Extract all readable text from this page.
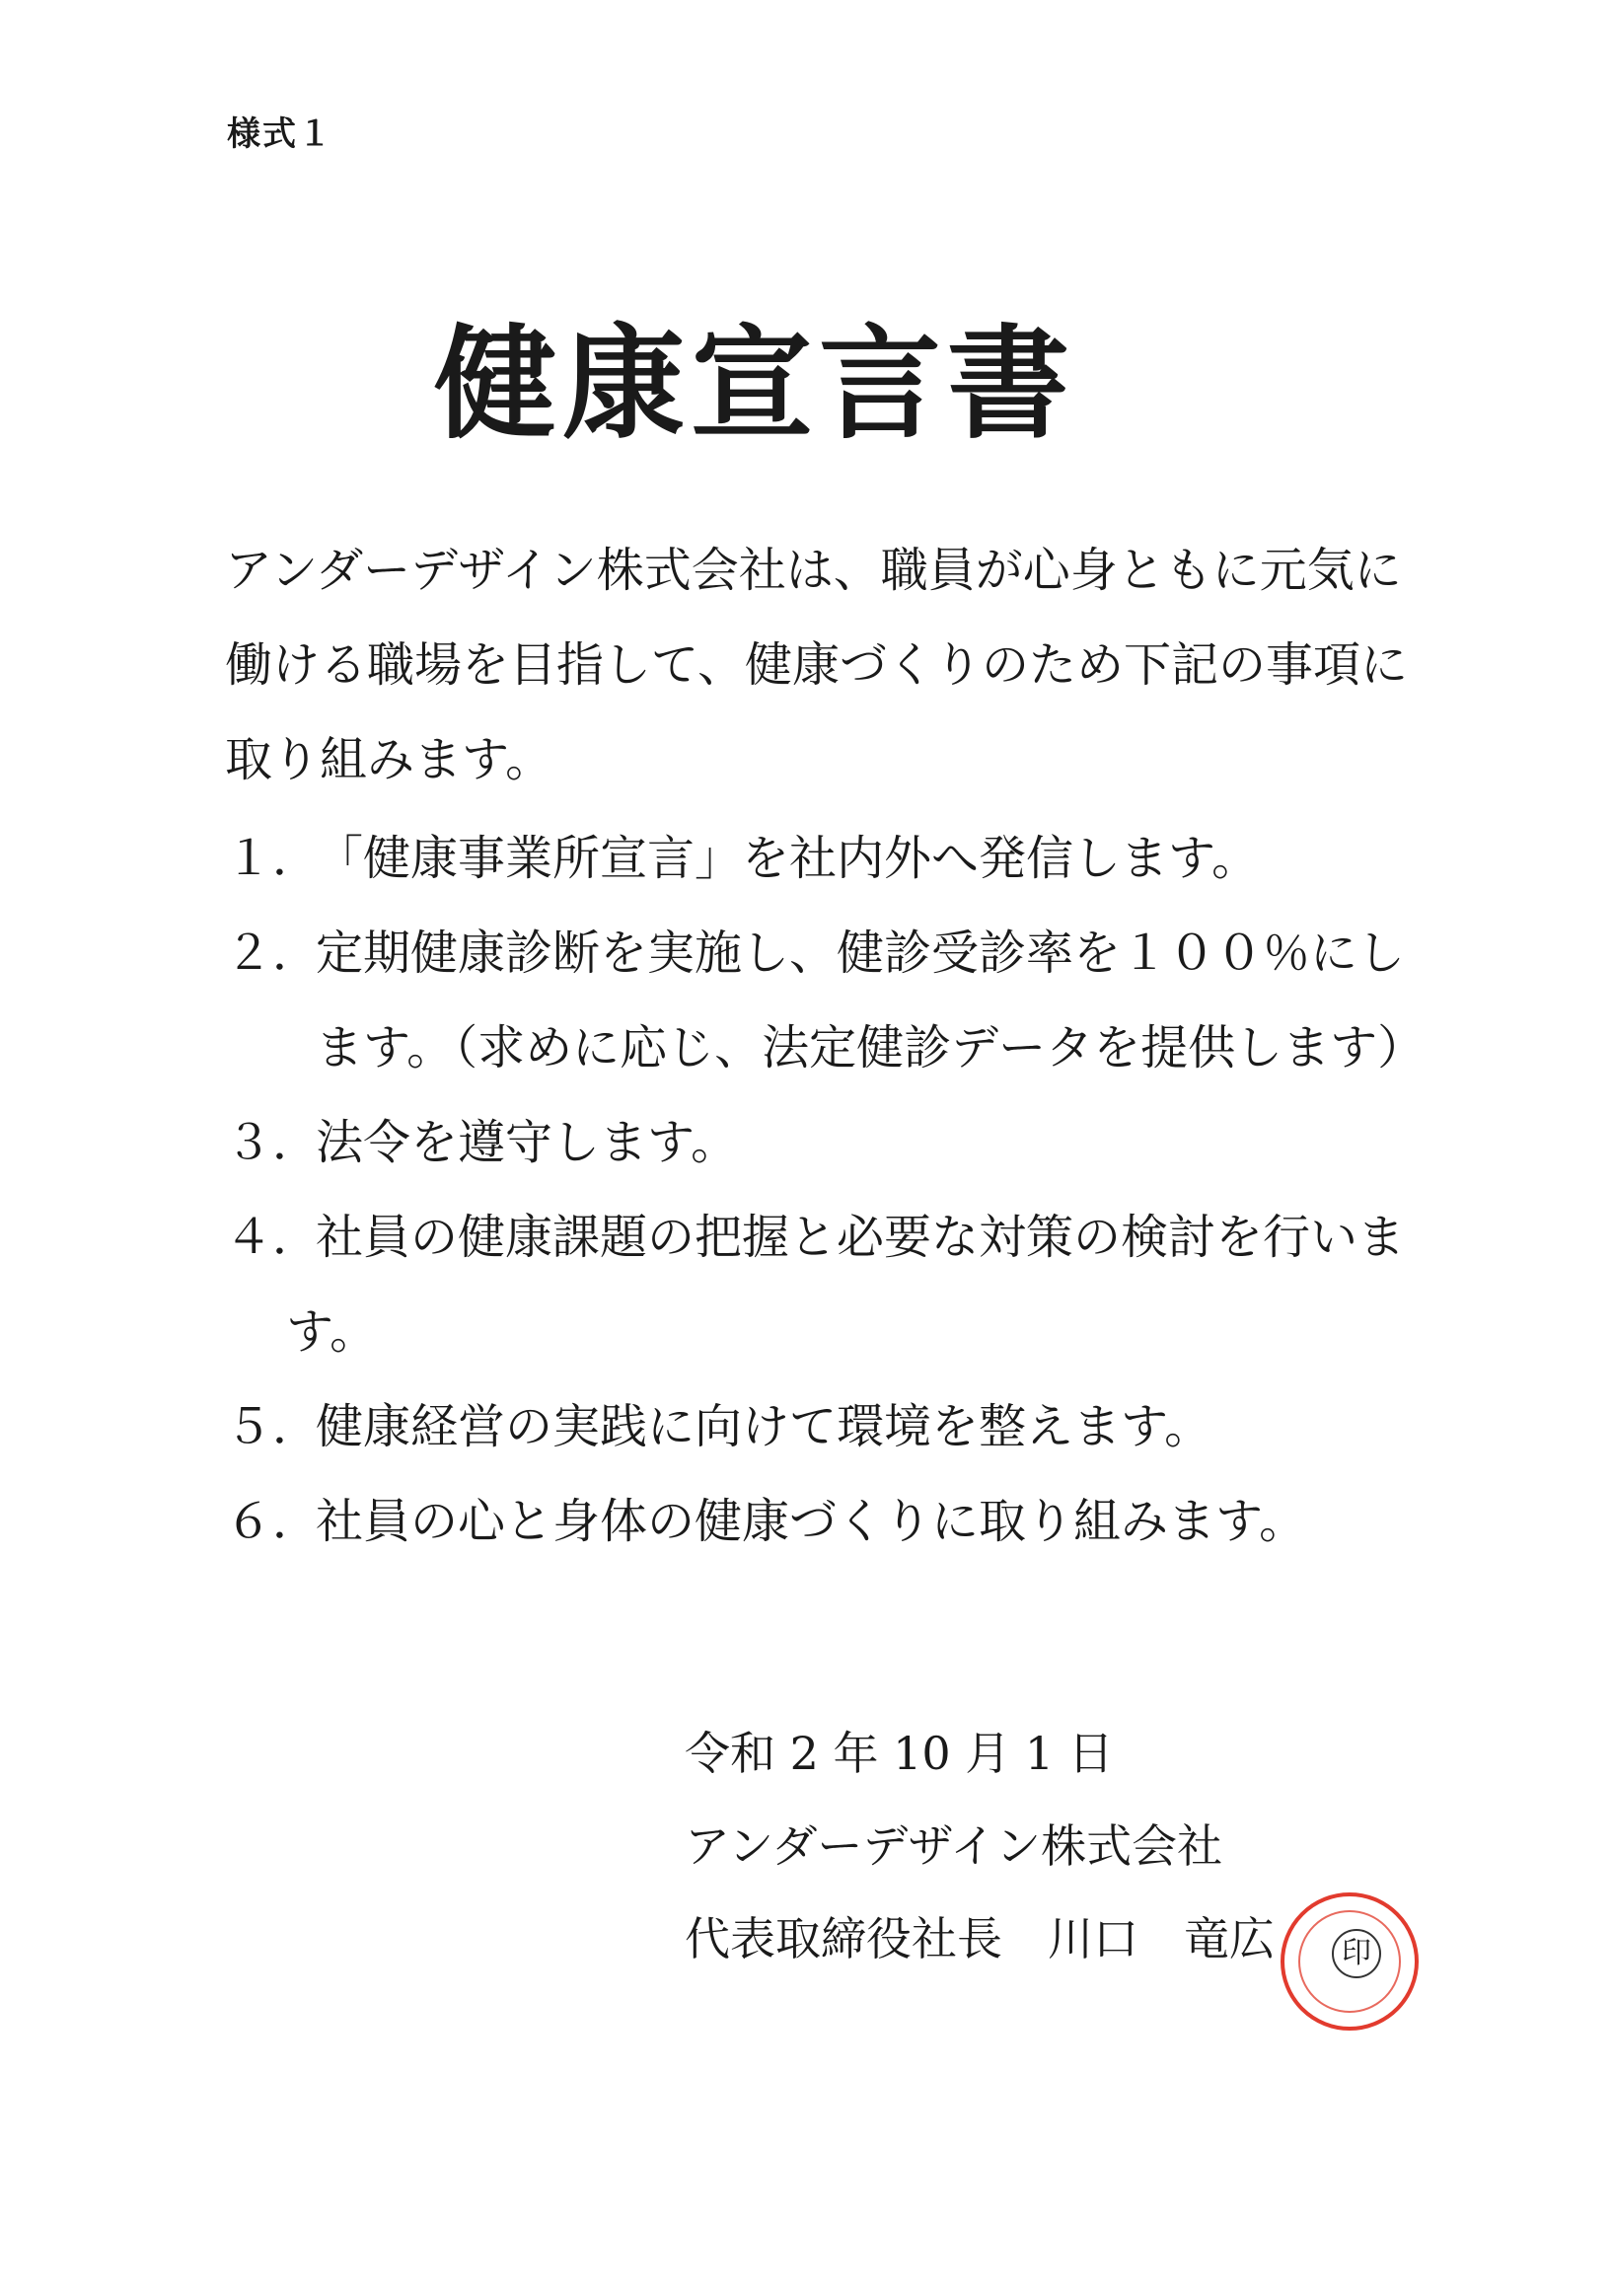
様式１
健康宣言書
アンダーデザイン株式会社は、職員が心身ともに元気に
働ける職場を目指して、健康づくりのため下記の事項に
取り組みます。
１．「健康事業所宣言」を社内外へ発信します。
２．定期健康診断を実施し、健診受診率を１００％にし
ます。（求めに応じ、法定健診データを提供します）
３．法令を遵守します。
４．社員の健康課題の把握と必要な対策の検討を行いま
す。
５．健康経営の実践に向けて環境を整えます。
６．社員の心と身体の健康づくりに取り組みます。
令和 2 年 10 月 1 日
アンダーデザイン株式会社
代表取締役社長　川口　竜広	印
